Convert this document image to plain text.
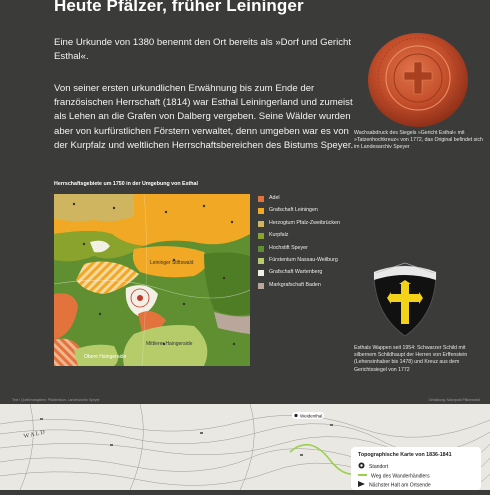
Heute Pfälzer, früher Leininger
Eine Urkunde von 1380 benennt den Ort bereits als »Dorf und Gericht Esthal«.
Von seiner ersten urkundlichen Erwähnung bis zum Ende der französischen Herrschaft (1814) war Esthal Leiningerland und zumeist als Lehen an die Grafen von Dalberg vergeben. Seine Wälder wurden aber von kurfürstlichen Förstern verwaltet, denn umgeben war es von der Kurpfalz und weltlichen Herrschaftsbereichen des Bistums Speyer.
Wachsabdruck des Siegels »Gericht Esthal« mit »Tatzenhochkreuz« von 1772, das Original befindet sich im Landesarchiv Speyer
Herrschaftsgebiete um 1750 in der Umgebung von Esthal
Leininger Stiftswald
Mittlerer Haingeraide
Obere Haingeraide
Adel
Grafschaft Leiningen
Herzogtum Pfalz-Zweibrücken
Kurpfalz
Hochstift Speyer
Fürstentum Nassau-Weilburg
Grafschaft Wartenberg
Markgrafschaft Baden
Esthals Wappen seit 1954: Schwarzer Schild mit silbernem Schildhaupt der Herren von Erffenstein (Lehensinhaber bis 1478) und Kreuz aus dem Gerichtssiegel von 1772
Text / Quellenangaben: Pfalzlexikon, Landesarchiv Speyer	Gestaltung: Naturpark Pfälzerwald
W A L D
Weidenthal
Topographische Karte von 1836-1841
Standort
Weg des Wanderhändlers
Nächster Halt am Ortsende
